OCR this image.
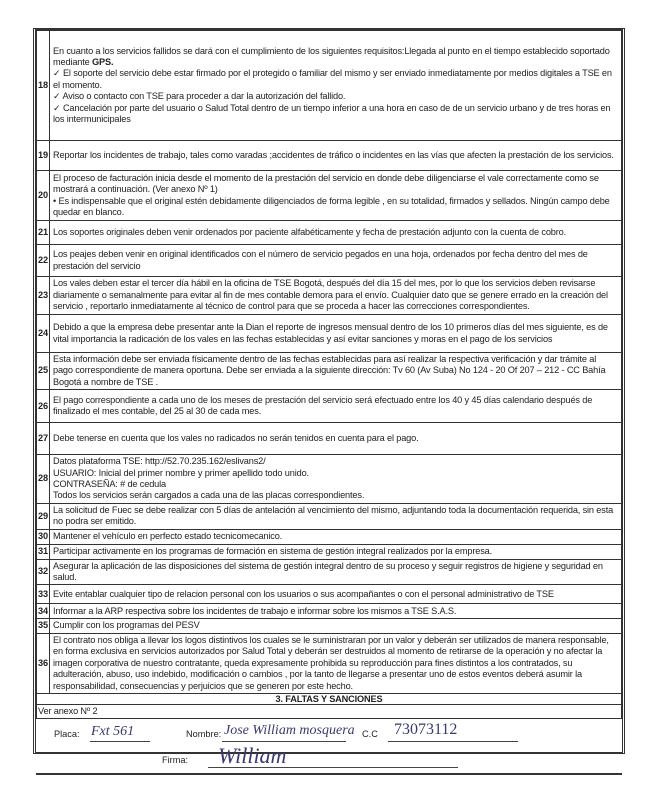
18	En cuanto a los servicios fallidos se dará con el cumplimiento de los siguientes requisitos:Llegada al punto en el tiempo establecido soportado mediante GPS.
✓ El soporte del servicio debe estar firmado por el protegido o familiar del mismo y ser enviado inmediatamente por medios digitales a TSE en el momento.
✓ Aviso o contacto con TSE para proceder a dar la autorización del fallido.
✓ Cancelación por parte del usuario o Salud Total dentro de un tiempo inferior a una hora en caso de de un servicio urbano y de tres horas en los intermunicipales

19	Reportar los incidentes de trabajo, tales como varadas ;accidentes de tráfico o incidentes en las vías que afecten la prestación de los servicios.

20	El proceso de facturación inicia desde el momento de la prestación del servicio en donde debe diligenciarse el vale correctamente como se mostrará a continuación. (Ver anexo Nº 1)
• Es indispensable que el original estén debidamente diligenciados de forma legible , en su totalidad, firmados y sellados. Ningún campo debe quedar en blanco.

21	Los soportes originales deben venir ordenados por paciente alfabéticamente y fecha de prestación adjunto con la cuenta de cobro.

22	Los peajes deben venir en original identificados con el número de servicio pegados en una hoja, ordenados por fecha dentro del mes de prestación del servicio

23	Los vales deben estar el tercer día hábil en la oficina de TSE Bogotá, después del día 15 del mes, por lo que los servicios deben revisarse diariamente o semanalmente para evitar al fin de mes contable demora para el envío. Cualquier dato que se genere errado en la creación del servicio , reportarlo inmediatamente al técnico de control para que se proceda a hacer las correcciones correspondientes.

24	Debido a que la empresa debe presentar ante la Dian el reporte de ingresos mensual dentro de los 10 primeros días del mes siguiente, es de vital importancia la radicación de los vales en las fechas establecidas y así evitar sanciones y moras en el pago de los servicios

25	Esta información debe ser enviada físicamente dentro de las fechas establecidas para así realizar la respectiva verificación y dar trámite al pago correspondiente de manera oportuna. Debe ser enviada a la siguiente dirección: Tv 60 (Av Suba) No 124 - 20 Of 207 – 212 - CC Bahía Bogotá a nombre de TSE .

26	El pago correspondiente a cada uno de los meses de prestación del servicio será efectuado entre los 40 y 45 días calendario después de finalizado el mes contable, del 25 al 30 de cada mes.

27	Debe tenerse en cuenta que los vales no radicados no serán tenidos en cuenta para el pago.

28	Datos plataforma TSE: http://52.70.235.162/eslivans2/
USUARIO: Inicial del primer nombre y primer apellido todo unido.
CONTRASEÑA: # de cedula
Todos los servicios serán cargados a cada una de las placas correspondientes.

29	La solicitud de Fuec se debe realizar con 5 días de antelación al vencimiento del mismo, adjuntando toda la documentación requerida, sin esta no podra ser emitido.

30	Mantener el vehículo en perfecto estado tecnicomecanico.

31	Participar activamente en los programas de formación en sistema de gestión integral realizados por la empresa.

32	Asegurar la aplicación de las disposiciones del sistema de gestión integral dentro de su proceso y seguir registros de higiene y seguridad en salud.

33	Evite entablar cualquier tipo de relacion personal con los usuarios o sus acompañantes o con el personal administrativo de TSE

34	Informar a la ARP respectiva sobre los incidentes de trabajo e informar sobre los mismos a TSE S.A.S.

35	Cumplir con los programas del PESV

36	El contrato nos obliga a llevar los logos distintivos los cuales se le suministraran por un valor y deberán ser utilizados de manera responsable, en forma exclusiva en servicios autorizados por Salud Total y deberán ser destruidos al momento de retirarse de la operación y no afectar la imagen corporativa de nuestro contratante, queda expresamente prohibida su reproducción para fines distintos a los contratados, su adulteración, abuso, uso indebido, modificación o cambios , por la tanto de llegarse a presentar uno de estos eventos deberá asumir la responsabilidad, consecuencias y perjuicios que se generen por este hecho.

3. FALTAS Y SANCIONES	
Ver anexo Nº 2	
Placa: Fxt 561	Nombre: Jose William mosquera C.C 73073112
Firma: William
